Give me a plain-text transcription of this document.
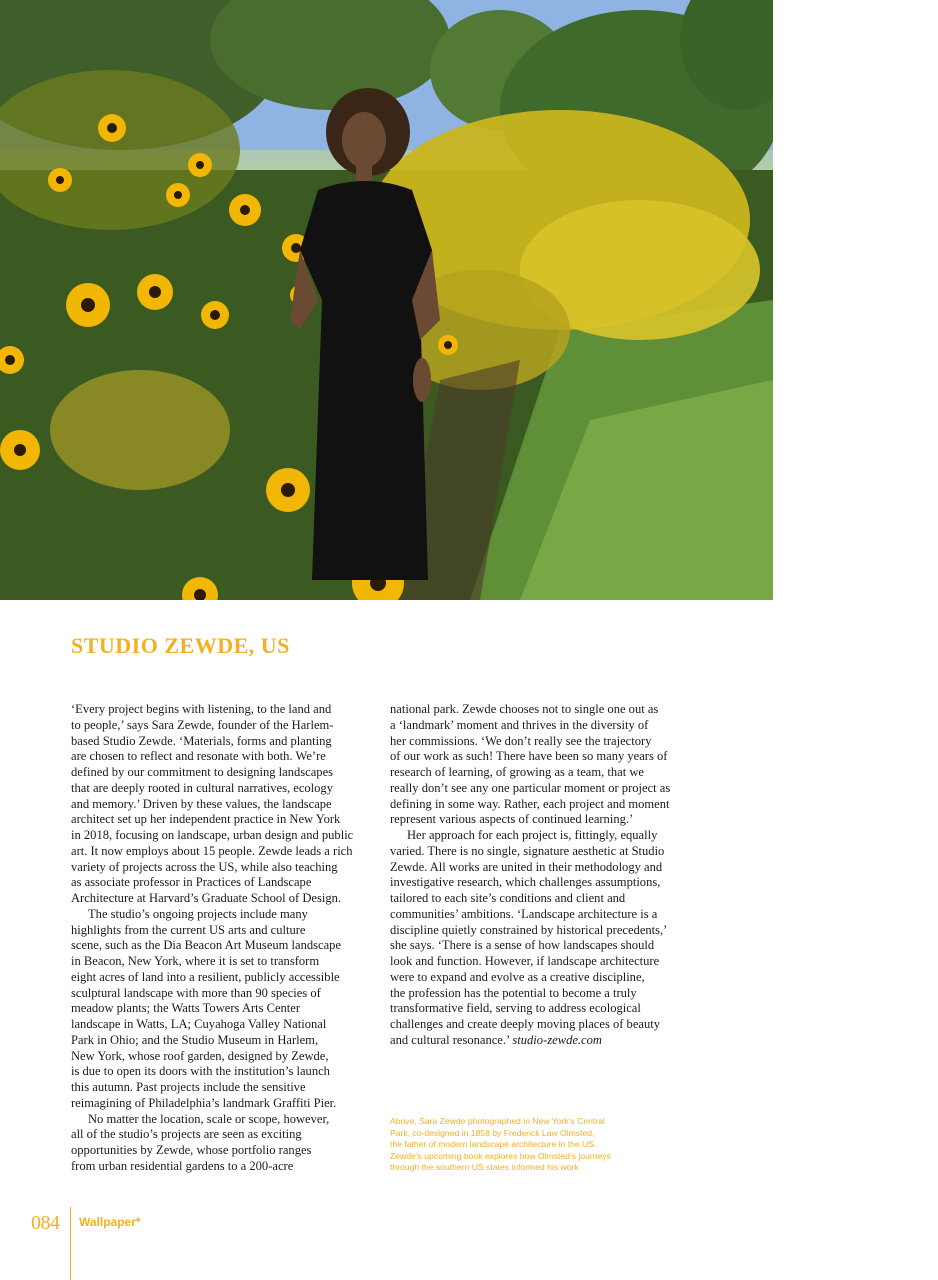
STUDIO ZEWDE, US

‘Every project begins with listening, to the land and
to people,’ says Sara Zewde, founder of the Harlem-
based Studio Zewde. ‘Materials, forms and planting
are chosen to reflect and resonate with both. We’re
defined by our commitment to designing landscapes
that are deeply rooted in cultural narratives, ecology
and memory.’ Driven by these values, the landscape
architect set up her independent practice in New York
in 2018, focusing on landscape, urban design and public
art. It now employs about 15 people. Zewde leads a rich
variety of projects across the US, while also teaching
as associate professor in Practices of Landscape
Architecture at Harvard’s Graduate School of Design.

The studio’s ongoing projects include many
highlights from the current US arts and culture
scene, such as the Dia Beacon Art Museum landscape
in Beacon, New York, where it is set to transform
eight acres of land into a resilient, publicly accessible
sculptural landscape with more than 90 species of
meadow plants; the Watts Towers Arts Center
landscape in Watts, LA; Cuyahoga Valley National
Park in Ohio; and the Studio Museum in Harlem,
New York, whose roof garden, designed by Zewde,
is due to open its doors with the institution’s launch
this autumn. Past projects include the sensitive
reimagining of Philadelphia’s landmark Graffiti Pier.

No matter the location, scale or scope, however,
all of the studio’s projects are seen as exciting
opportunities by Zewde, whose portfolio ranges
from urban residential gardens to a 200-acre

national park. Zewde chooses not to single one out as
a ‘landmark’ moment and thrives in the diversity of
her commissions. ‘We don’t really see the trajectory
of our work as such! There have been so many years of
research of learning, of growing as a team, that we
really don’t see any one particular moment or project as
defining in some way. Rather, each project and moment
represent various aspects of continued learning.’

Her approach for each project is, fittingly, equally
varied. There is no single, signature aesthetic at Studio
Zewde. All works are united in their methodology and
investigative research, which challenges assumptions,
tailored to each site’s conditions and client and
communities’ ambitions. ‘Landscape architecture is a
discipline quietly constrained by historical precedents,’
she says. ‘There is a sense of how landscapes should
look and function. However, if landscape architecture
were to expand and evolve as a creative discipline,
the profession has the potential to become a truly
transformative field, serving to address ecological
challenges and create deeply moving places of beauty
and cultural resonance.’ studio-zewde.com

Above, Sara Zewde photographed in New York’s Central
Park, co-designed in 1858 by Frederick Law Olmsted,
the father of modern landscape architecture in the US.
Zewde’s upcoming book explores how Olmsted’s journeys
through the southern US states informed his work
084 Wallpaper*
